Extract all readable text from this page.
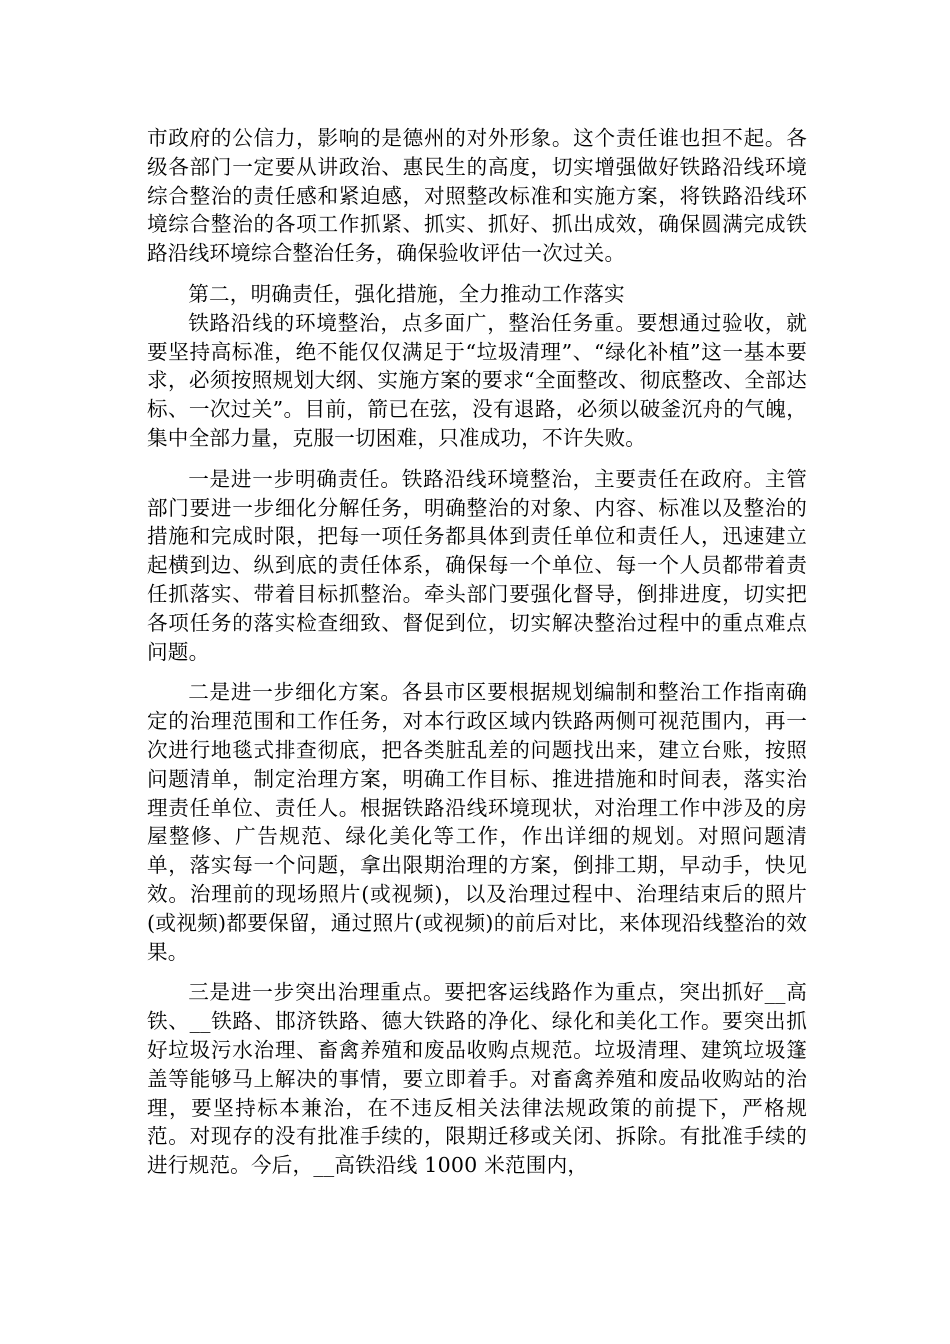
市政府的公信力，影响的是德州的对外形象。这个责任谁也担不起。各级各部门一定要从讲政治、惠民生的高度，切实增强做好铁路沿线环境综合整治的责任感和紧迫感，对照整改标准和实施方案，将铁路沿线环境综合整治的各项工作抓紧、抓实、抓好、抓出成效，确保圆满完成铁路沿线环境综合整治任务，确保验收评估一次过关。

第二，明确责任，强化措施，全力推动工作落实

铁路沿线的环境整治，点多面广，整治任务重。要想通过验收，就要坚持高标准，绝不能仅仅满足于“垃圾清理”、“绿化补植”这一基本要求，必须按照规划大纲、实施方案的要求“全面整改、彻底整改、全部达标、一次过关”。目前，箭已在弦，没有退路，必须以破釜沉舟的气魄，集中全部力量，克服一切困难，只准成功，不许失败。

一是进一步明确责任。铁路沿线环境整治，主要责任在政府。主管部门要进一步细化分解任务，明确整治的对象、内容、标准以及整治的措施和完成时限，把每一项任务都具体到责任单位和责任人，迅速建立起横到边、纵到底的责任体系，确保每一个单位、每一个人员都带着责任抓落实、带着目标抓整治。牵头部门要强化督导，倒排进度，切实把各项任务的落实检查细致、督促到位，切实解决整治过程中的重点难点问题。

二是进一步细化方案。各县市区要根据规划编制和整治工作指南确定的治理范围和工作任务，对本行政区域内铁路两侧可视范围内，再一次进行地毯式排查彻底，把各类脏乱差的问题找出来，建立台账，按照问题清单，制定治理方案，明确工作目标、推进措施和时间表，落实治理责任单位、责任人。根据铁路沿线环境现状，对治理工作中涉及的房屋整修、广告规范、绿化美化等工作，作出详细的规划。对照问题清单，落实每一个问题，拿出限期治理的方案，倒排工期，早动手，快见效。治理前的现场照片(或视频)，以及治理过程中、治理结束后的照片(或视频)都要保留，通过照片(或视频)的前后对比，来体现沿线整治的效果。

三是进一步突出治理重点。要把客运线路作为重点，突出抓好__高铁、__铁路、邯济铁路、德大铁路的净化、绿化和美化工作。要突出抓好垃圾污水治理、畜禽养殖和废品收购点规范。垃圾清理、建筑垃圾篷盖等能够马上解决的事情，要立即着手。对畜禽养殖和废品收购站的治理，要坚持标本兼治，在不违反相关法律法规政策的前提下，严格规范。对现存的没有批准手续的，限期迁移或关闭、拆除。有批准手续的进行规范。今后，__高铁沿线 1000 米范围内，
